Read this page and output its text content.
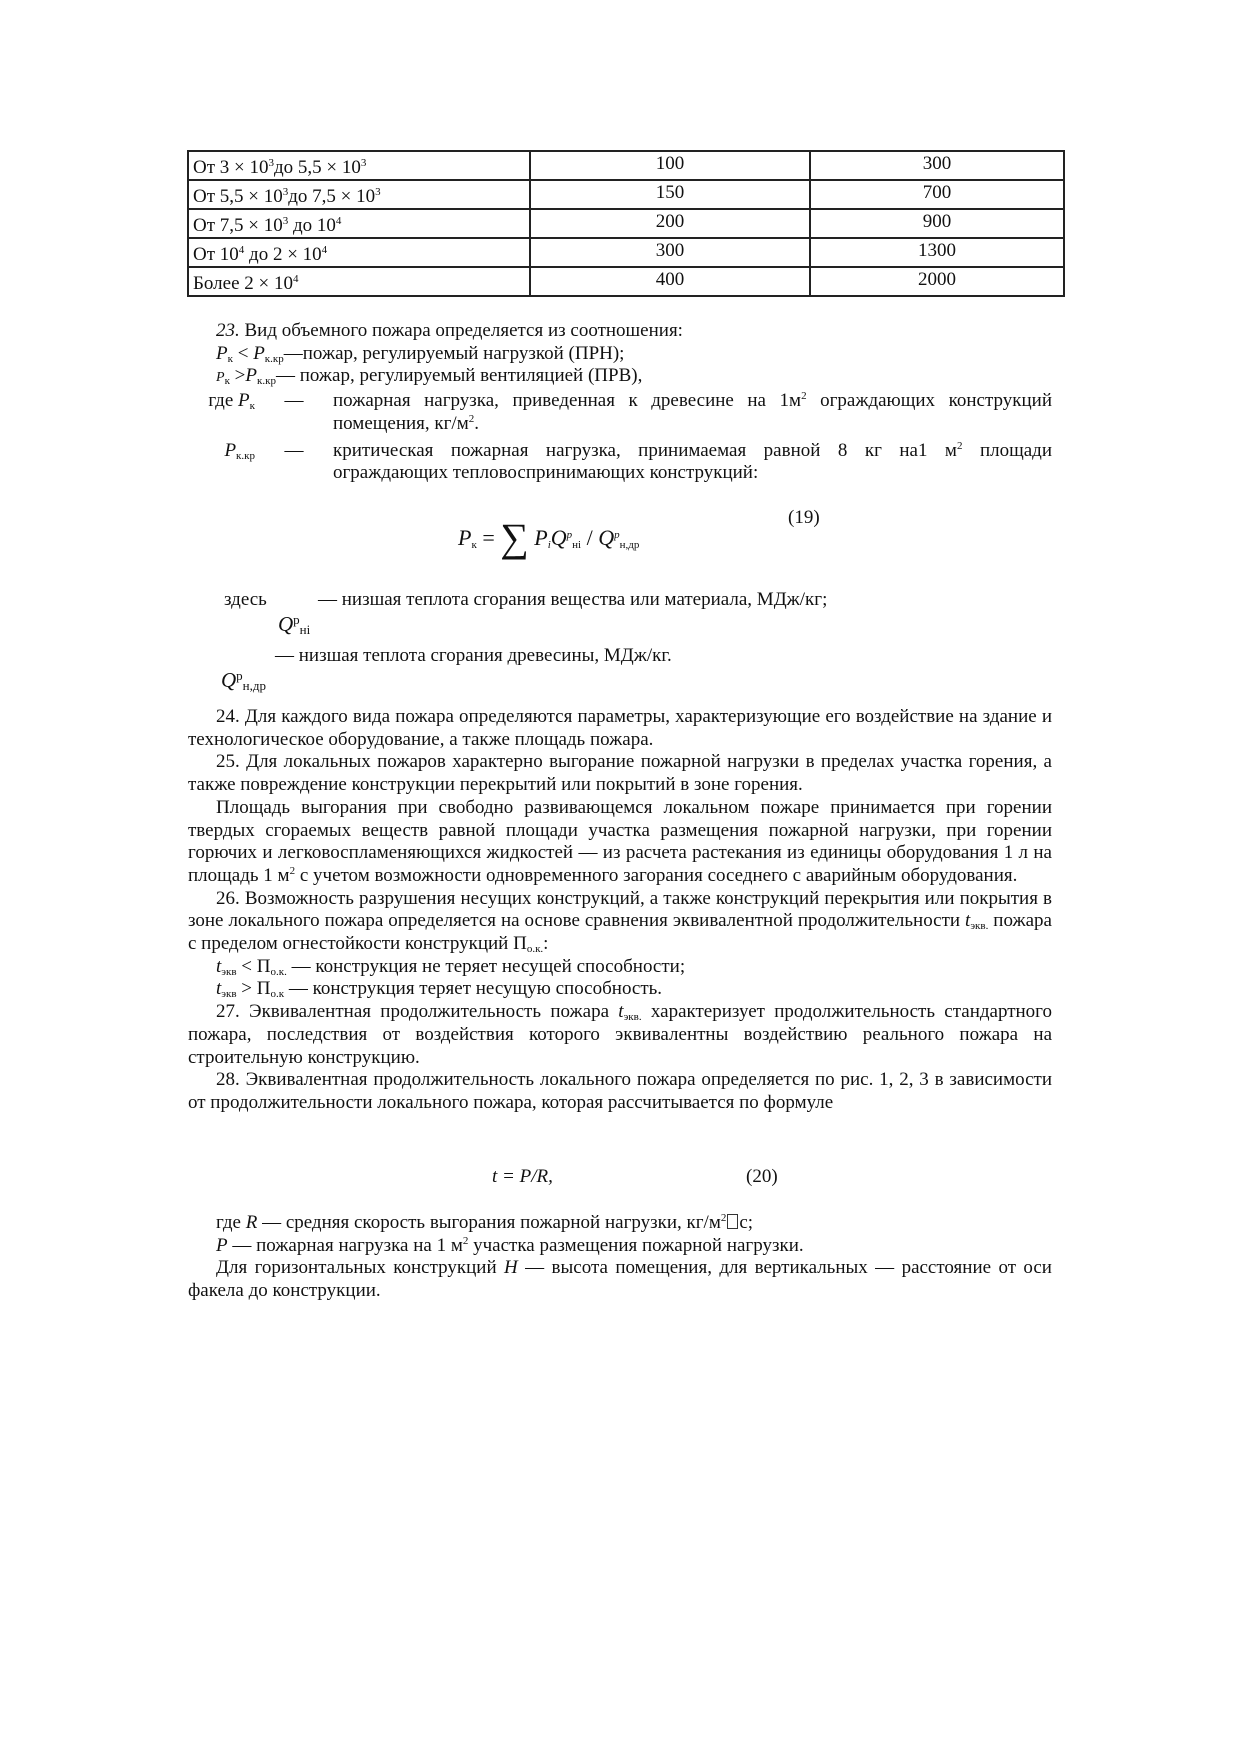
От $3 \times 10^3до$ $5,5 \times 10^3$	100	300
От $5,5 \times 10^3до$ $7,5 \times 10^3$	150	700
От $7,5 \times 10^3$ до $10^4$	200	900
От $10^4$ до $2 \times 10^4$	300	1300
Более $2 \times 10^4$	400	2000

23. Вид объемного пожара определяется из соотношения:

$P_к$ < $P_{к.кр}—пожар$, регулируемый нагрузкой (ПРН);

$P_к$ $>P_{к.кр}—$ пожар, регулируемый вентиляцией (ПРВ),

где $P_к$	—	пожарная нагрузка, приведенная к древесине на $1м^2$ ограждающих конструкций помещения, $кг/м^2$.
$P_{к.кр}$	—	критическая пожарная нагрузка, принимаемая равной 8 кг на1 $м^2$ площади ограждающих тепловоспринимающих конструкций:
(19)
$P_к$ = ∑ $P_iQ^p_{нi} / Q^p_{н,др}$
здесь	— низшая теплота сгорания вещества или материала, МДж/кг;
$Q^p_{нi}$
— низшая теплота сгорания древесины, МДж/кг.
$Q^p_{н,др}$

24. Для каждого вида пожара определяются параметры, характеризующие его воздействие на здание и технологическое оборудование, а также площадь пожара.

25. Для локальных пожаров характерно выгорание пожарной нагрузки в пределах участка горения, а также повреждение конструкции перекрытий или покрытий в зоне горения.

Площадь выгорания при свободно развивающемся локальном пожаре принимается при горении твердых сгораемых веществ равной площади участка размещения пожарной нагрузки, при горении горючих и легковоспламеняющихся жидкостей — из расчета растекания из единицы оборудования 1 л на площадь 1 $м^2$ с учетом возможности одновременного загорания соседнего с аварийным оборудования.

26. Возможность разрушения несущих конструкций, а также конструкций перекрытия или покрытия в зоне локального пожара определяется на основе сравнения эквивалентной продолжительности $t_{экв.}$ пожара с пределом огнестойкости конструкций $П_{о.к.}$:

$t_{экв} < П_{о.к.}$ — конструкция не теряет несущей способности;

$t_{экв} > П_{о.к}$ — конструкция теряет несущую способность.

27. Эквивалентная продолжительность пожара $t_{экв.}$ характеризует продолжительность стандартного пожара, последствия от воздействия которого эквивалентны воздействию реального пожара на строительную конструкцию.

28. Эквивалентная продолжительность локального пожара определяется по рис. 1, 2, 3 в зависимости от продолжительности локального пожара, которая рассчитывается по формуле

t = P/R,	(20)

где R — средняя скорость выгорания пожарной нагрузки, $кг/м^2$ с;

P — пожарная нагрузка на 1 $м^2$ участка размещения пожарной нагрузки.

Для горизонтальных конструкций H — высота помещения, для вертикальных — расстояние от оси факела до конструкции.
